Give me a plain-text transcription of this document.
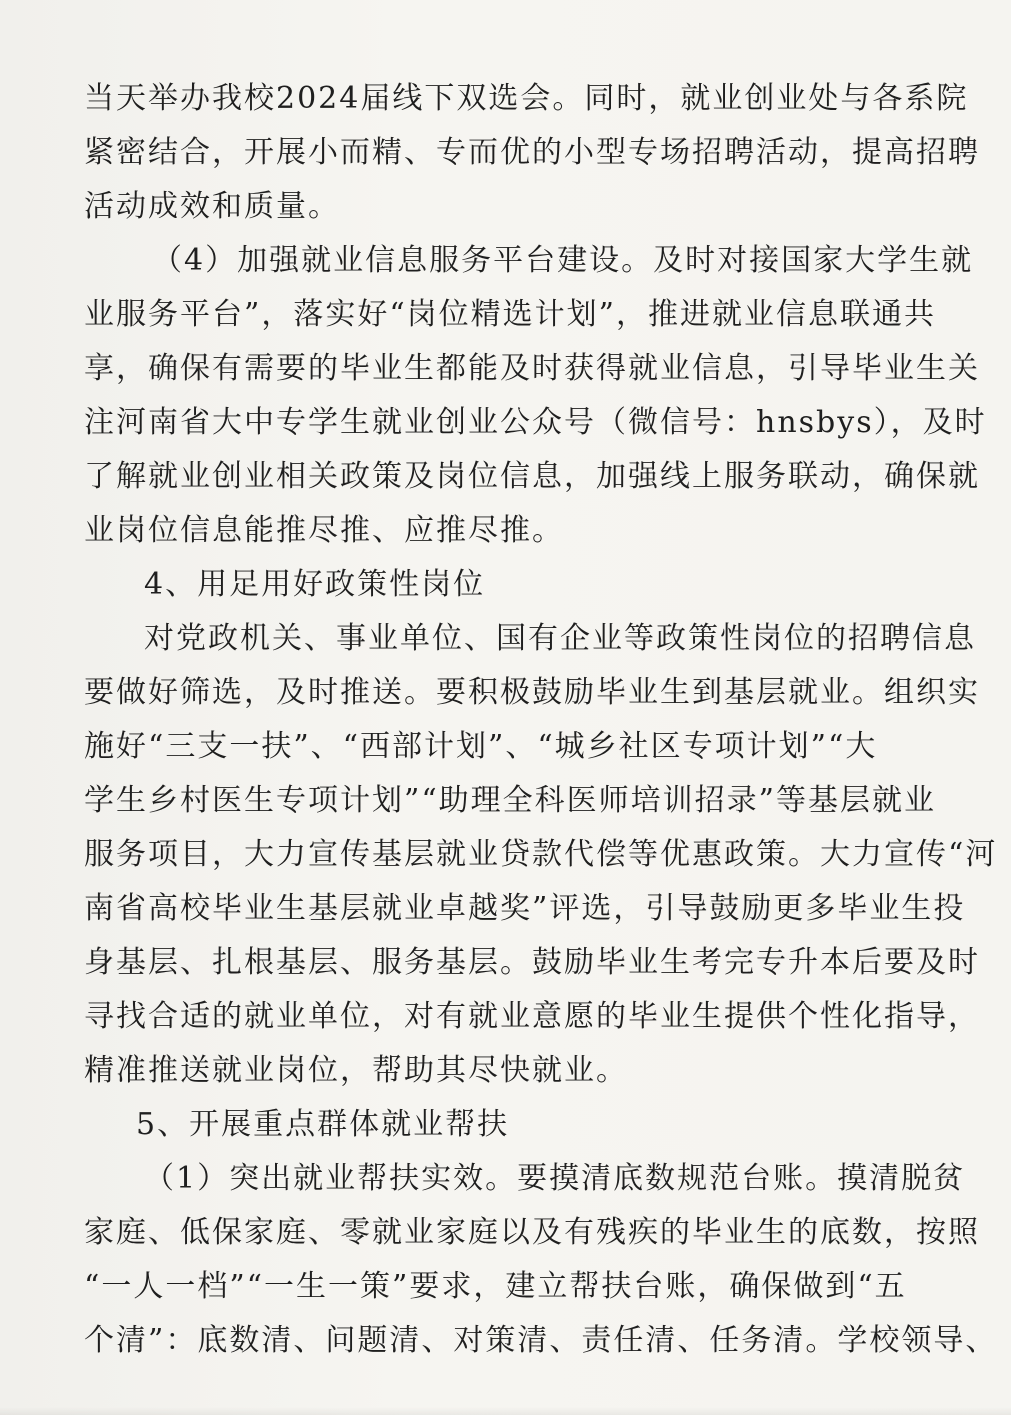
当天举办我校2024届线下双选会。同时，就业创业处与各系院
紧密结合，开展小而精、专而优的小型专场招聘活动，提高招聘
活动成效和质量。
（4）加强就业信息服务平台建设。及时对接国家大学生就
业服务平台”，落实好“岗位精选计划”，推进就业信息联通共
享，确保有需要的毕业生都能及时获得就业信息，引导毕业生关
注河南省大中专学生就业创业公众号（微信号：hnsbys），及时
了解就业创业相关政策及岗位信息，加强线上服务联动，确保就
业岗位信息能推尽推、应推尽推。
4、用足用好政策性岗位
对党政机关、事业单位、国有企业等政策性岗位的招聘信息
要做好筛选，及时推送。要积极鼓励毕业生到基层就业。组织实
施好“三支一扶”、“西部计划”、“城乡社区专项计划”“大
学生乡村医生专项计划”“助理全科医师培训招录”等基层就业
服务项目，大力宣传基层就业贷款代偿等优惠政策。大力宣传“河
南省高校毕业生基层就业卓越奖”评选，引导鼓励更多毕业生投
身基层、扎根基层、服务基层。鼓励毕业生考完专升本后要及时
寻找合适的就业单位，对有就业意愿的毕业生提供个性化指导，
精准推送就业岗位，帮助其尽快就业。
5、开展重点群体就业帮扶
（1）突出就业帮扶实效。要摸清底数规范台账。摸清脱贫
家庭、低保家庭、零就业家庭以及有残疾的毕业生的底数，按照
“一人一档”“一生一策”要求，建立帮扶台账，确保做到“五
个清”：底数清、问题清、对策清、责任清、任务清。学校领导、
